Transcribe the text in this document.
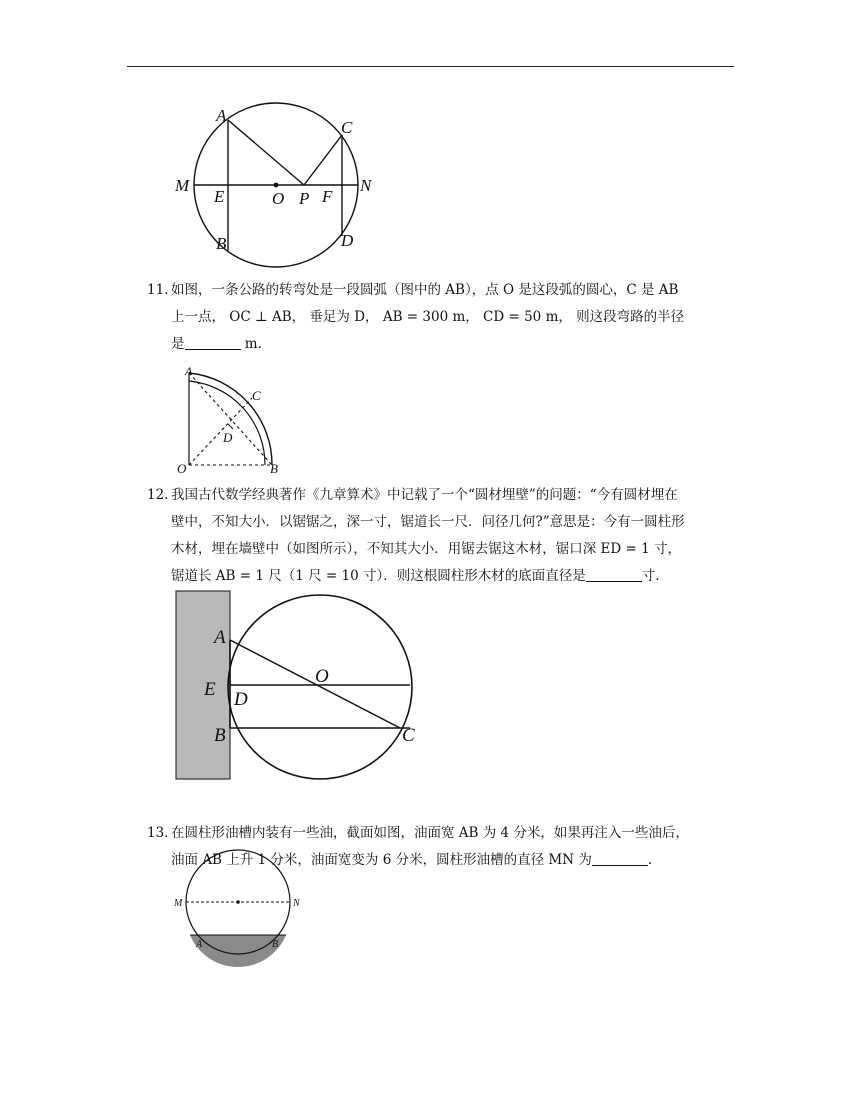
A
C
M
E	O P F
N
B	D
11. 如图，一条公路的转弯处是一段圆弧（图中的 AB），点 O 是这段弧的圆心，C 是 AB
上一点， OC ⊥ AB， 垂足为 D， AB = 300 m， CD = 50 m， 则这段弯路的半径
是	m.
A
C
D
O	B
12. 我国古代数学经典著作《九章算术》中记载了一个“圆材埋壁”的问题：“今有圆材埋在
壁中，不知大小．以锯锯之，深一寸，锯道长一尺．问径几何?”意思是：今有一圆柱形
木材，埋在墙壁中（如图所示），不知其大小．用锯去锯这木材，锯口深 ED = 1 寸，
锯道长 AB = 1 尺（1 尺 = 10 寸）．则这根圆柱形木材的底面直径是	寸.
A
O
E D
B	C
13. 在圆柱形油槽内装有一些油，截面如图，油面宽 AB 为 4 分米，如果再注入一些油后，
油面 AB 上升 1 分米，油面宽变为 6 分米，圆柱形油槽的直径 MN 为	.
M	N
A	B
